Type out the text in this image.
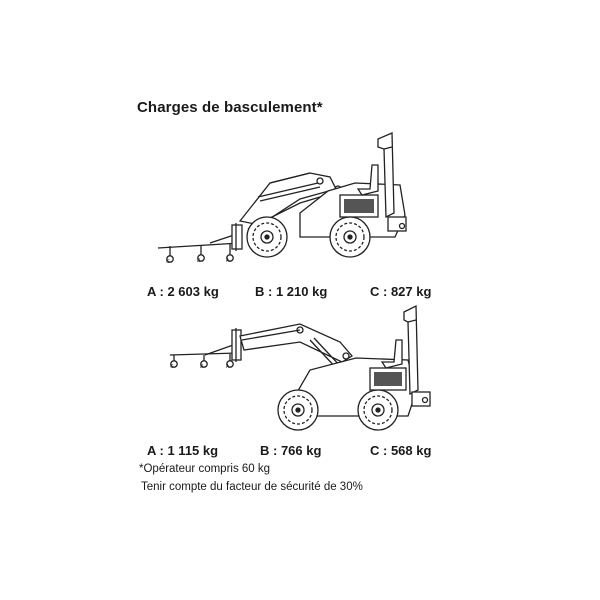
Charges de basculement*
C	B	A
A : 2 603 kg	B : 1 210 kg	C : 827 kg
C	B	A
A : 1 115 kg	B : 766 kg	C : 568 kg
*Opérateur compris 60 kg
Tenir compte du facteur de sécurité de 30%
